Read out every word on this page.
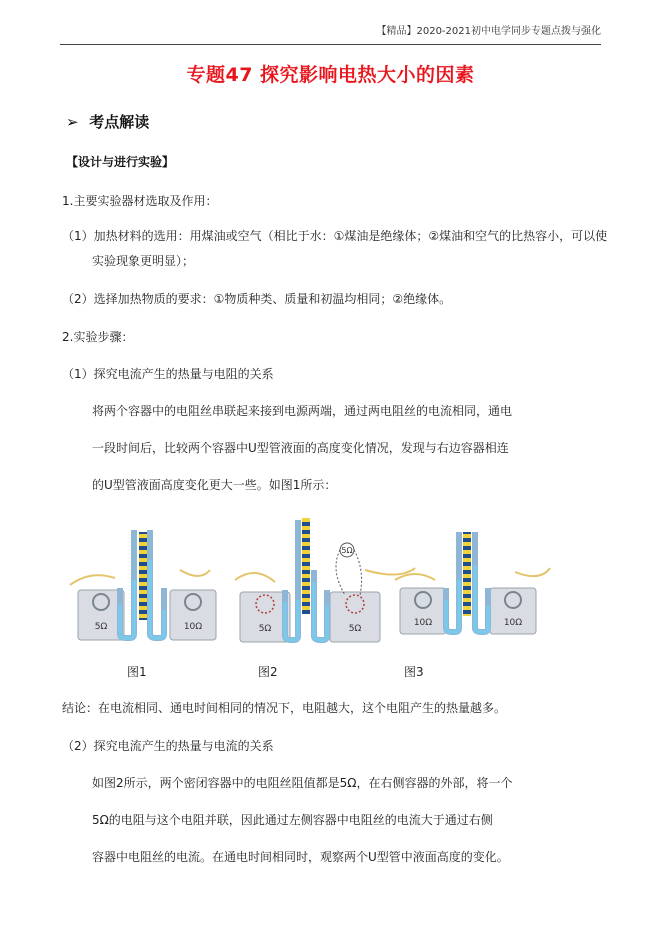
【精品】2020-2021初中电学同步专题点拨与强化
专题47 探究影响电热大小的因素
➢ 考点解读
【设计与进行实验】
1.主要实验器材选取及作用：
（1）加热材料的选用：用煤油或空气（相比于水：①煤油是绝缘体；②煤油和空气的比热容小，可以使
实验现象更明显）；
（2）选择加热物质的要求：①物质种类、质量和初温均相同；②绝缘体。
2.实验步骤：
（1）探究电流产生的热量与电阻的关系
将两个容器中的电阻丝串联起来接到电源两端，通过两电阻丝的电流相同，通电
一段时间后，比较两个容器中U型管液面的高度变化情况，发现与右边容器相连
的U型管液面高度变化更大一些。如图1所示：
5Ω	10Ω	5Ω	5Ω
5Ω
10Ω	10Ω
图1	图2	图3
结论：在电流相同、通电时间相同的情况下，电阻越大，这个电阻产生的热量越多。
（2）探究电流产生的热量与电流的关系
如图2所示，两个密闭容器中的电阻丝阻值都是5Ω，在右侧容器的外部，将一个
5Ω的电阻与这个电阻并联，因此通过左侧容器中电阻丝的电流大于通过右侧
容器中电阻丝的电流。在通电时间相同时，观察两个U型管中液面高度的变化。
